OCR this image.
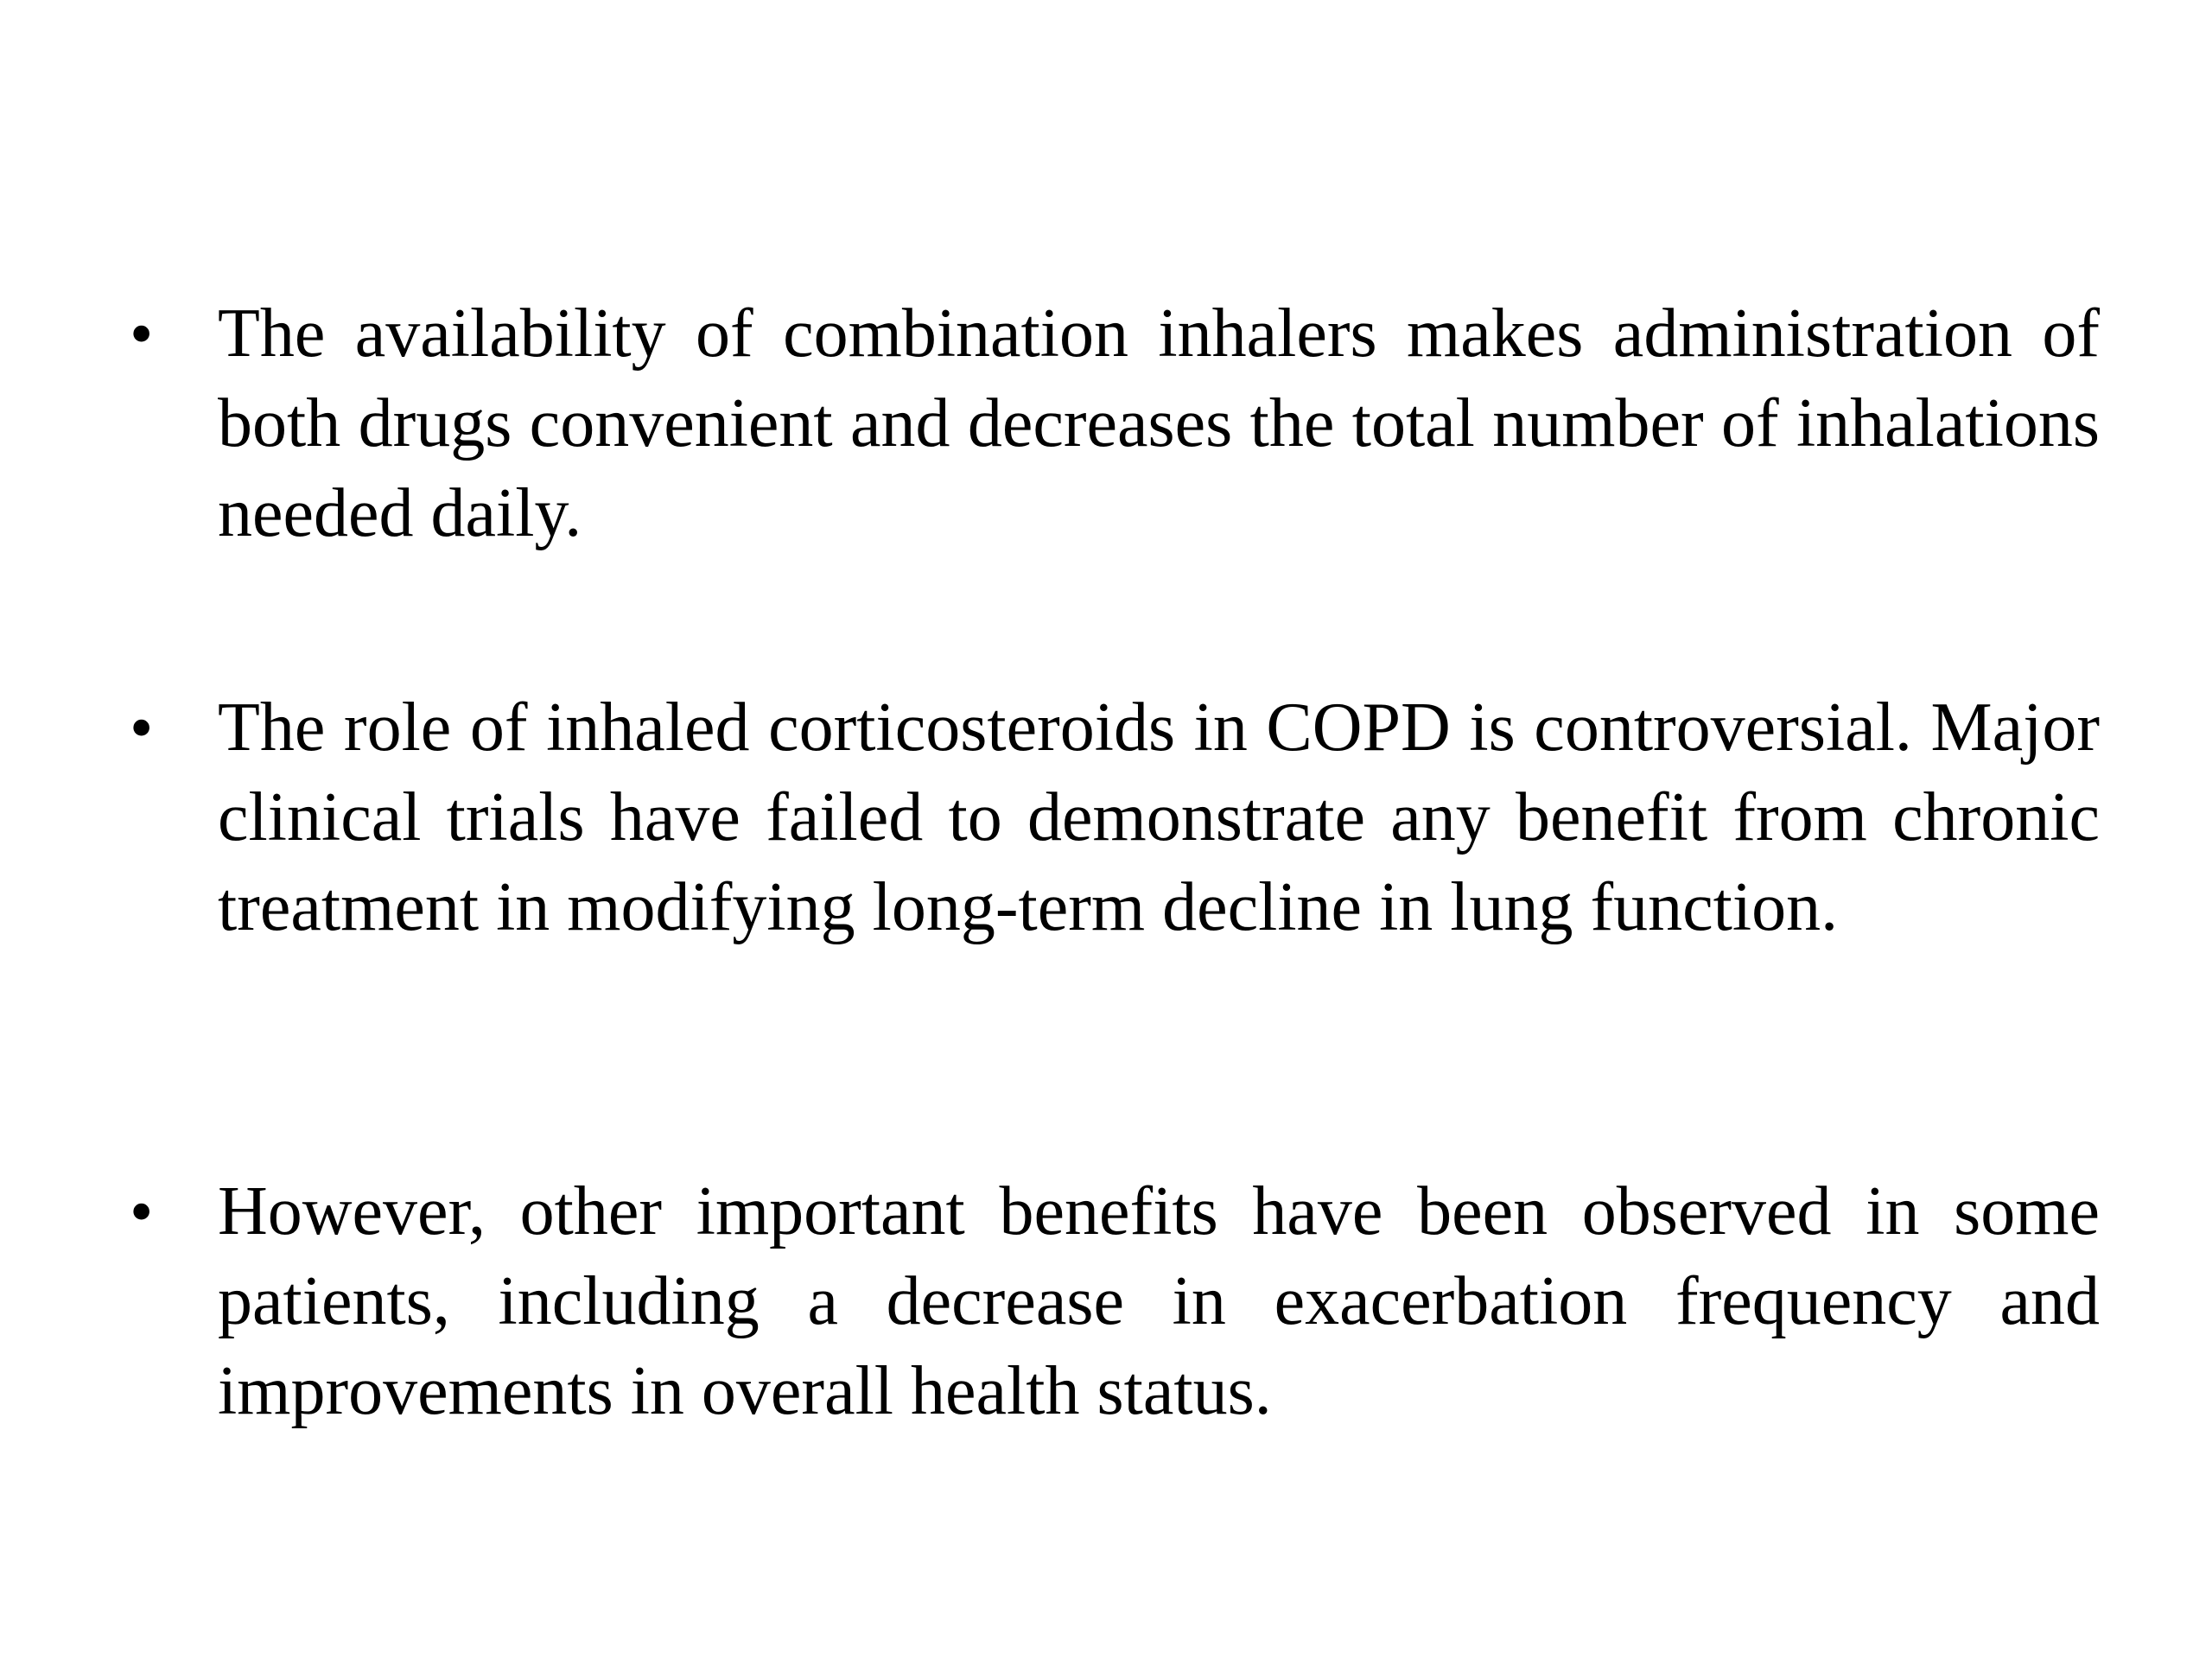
• The availability of combination inhalers makes administration of both drugs convenient and decreases the total number of inhalations needed daily.
• The role of inhaled corticosteroids in COPD is controversial. Major clinical trials have failed to demonstrate any benefit from chronic treatment in modifying long-term decline in lung function.
• However, other important benefits have been observed in some patients, including a decrease in exacerbation frequency and improvements in overall health status.
